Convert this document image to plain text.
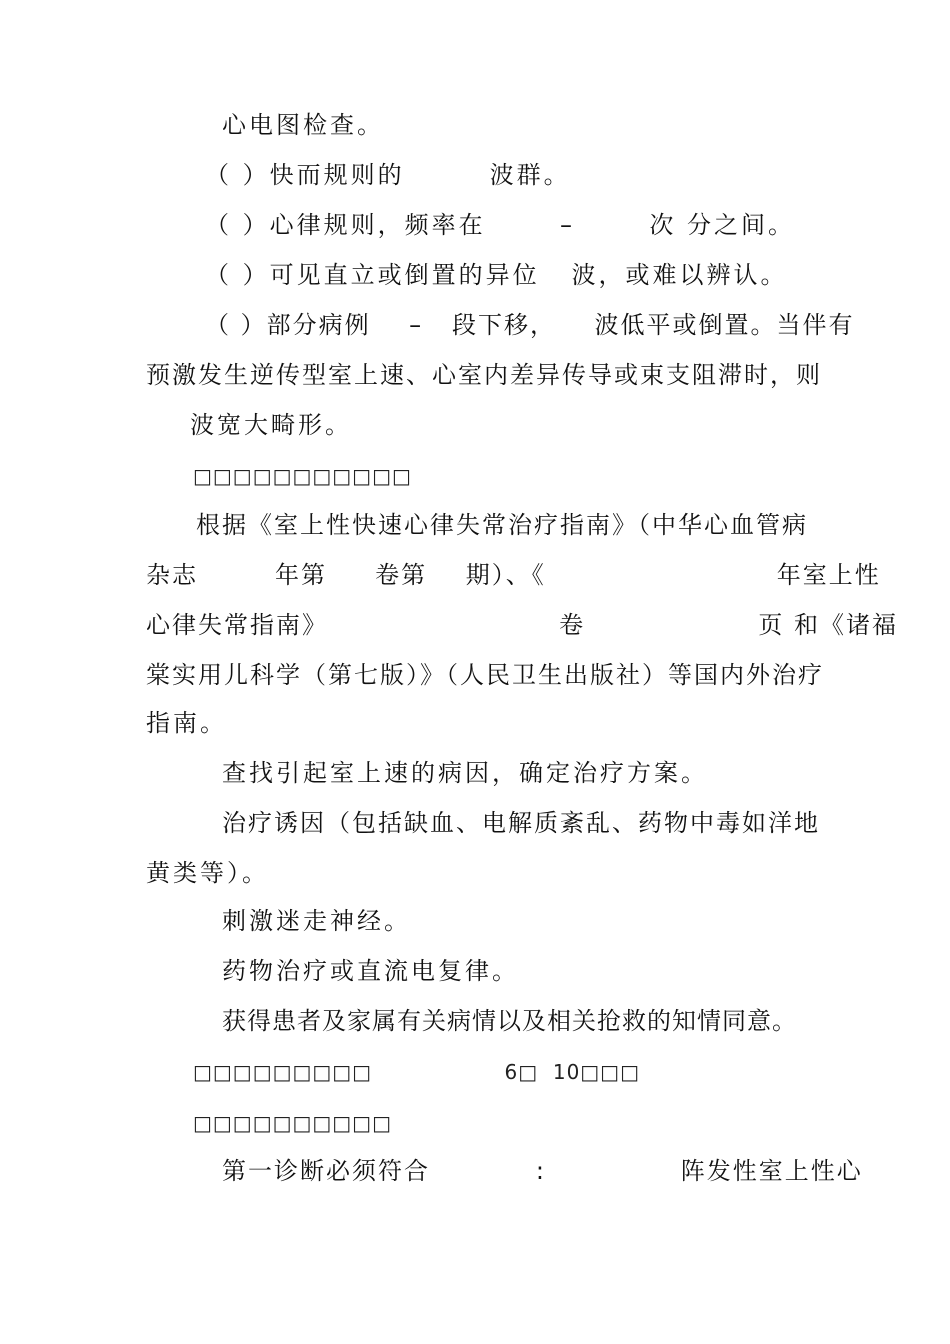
心电图检查。
（ ）快而规则的        波群。
（ ）心律规则，频率在       –       次 分之间。
（ ）可见直立或倒置的异位   波，或难以辨认。
（ ）部分病例    –   段下移，    波低平或倒置。当伴有
预激发生逆传型室上速、心室内差异传导或束支阻滞时，则
波宽大畸形。
□□□□□□□□□□□
根据《室上性快速心律失常治疗指南》（中华心血管病
杂志        年第     卷第    期）、《                        年室上性
心律失常指南》                        卷                  页 和《诸福
棠实用儿科学（第七版）》（人民卫生出版社）等国内外治疗
指南。
查找引起室上速的病因，确定治疗方案。
治疗诱因（包括缺血、电解质紊乱、药物中毒如洋地
黄类等）。
刺激迷走神经。
药物治疗或直流电复律。
获得患者及家属有关病情以及相关抢救的知情同意。
□□□□□□□□□                  6□  10□□□
□□□□□□□□□□
第一诊断必须符合           :              阵发性室上性心
